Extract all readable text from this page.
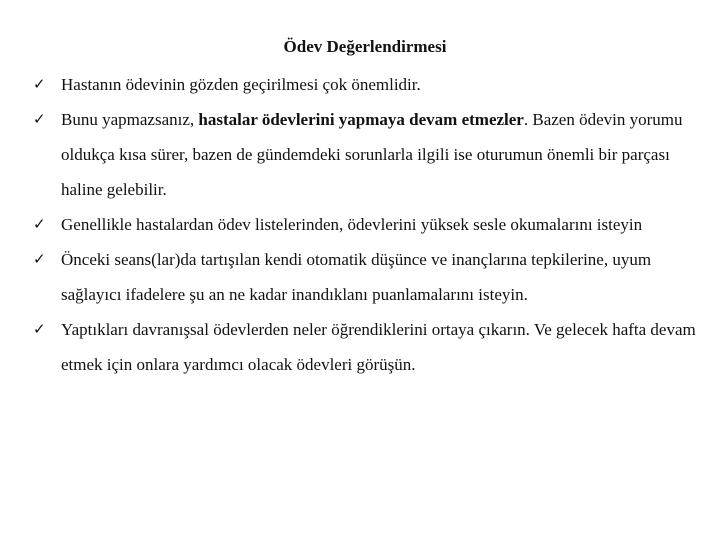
Ödev Değerlendirmesi
✓ Hastanın ödevinin gözden geçirilmesi çok önemlidir.
✓ Bunu yapmazsanız, hastalar ödevlerini yapmaya devam etmezler. Bazen ödevin yorumu oldukça kısa sürer, bazen de gündemdeki sorunlarla ilgili ise oturumun önemli bir parçası haline gelebilir.
✓ Genellikle hastalardan ödev listelerinden, ödevlerini yüksek sesle okumalarını isteyin
✓ Önceki seans(lar)da tartışılan kendi otomatik düşünce ve inançlarına tepkilerine, uyum sağlayıcı ifadelere şu an ne kadar inandıklanı puanlamalarını isteyin.
✓ Yaptıkları davranışsal ödevlerden neler öğrendiklerini ortaya çıkarın. Ve gelecek hafta devam etmek için onlara yardımcı olacak ödevleri görüşün.
